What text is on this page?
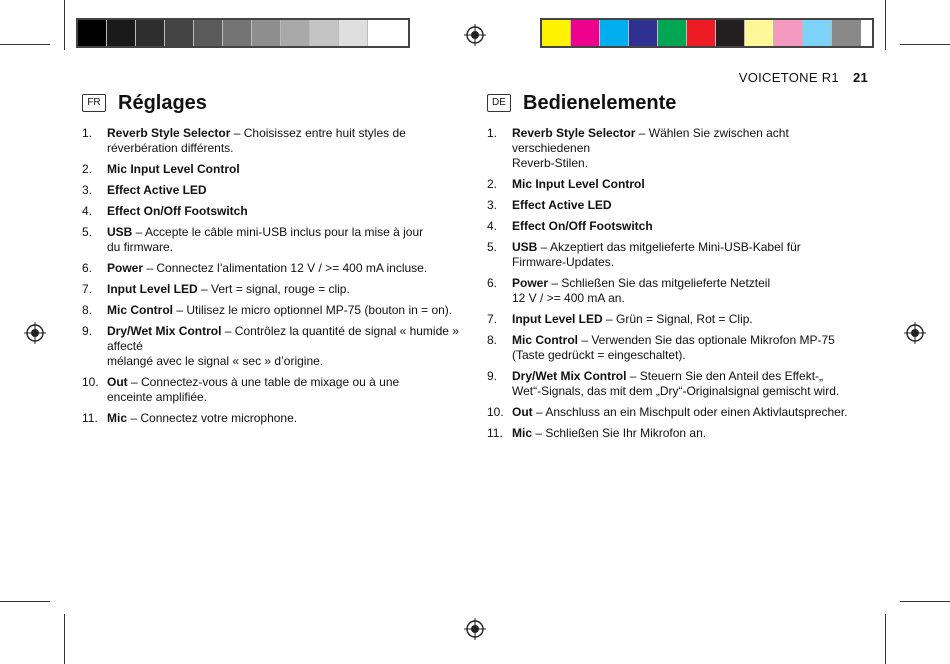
VOICETONE R1 21
FR Réglages
1.	Reverb Style Selector – Choisissez entre huit styles de
réverbération différents.
2.	Mic Input Level Control
3.	Effect Active LED
4.	Effect On/Off Footswitch
5.	USB – Accepte le câble mini-USB inclus pour la mise à jour
du firmware.
6.	Power – Connectez l’alimentation 12 V / >= 400 mA incluse.
7.	Input Level LED – Vert = signal, rouge = clip.
8.	Mic Control – Utilisez le micro optionnel MP-75 (bouton in = on).
9.	Dry/Wet Mix Control – Contrôlez la quantité de signal « humide » affecté
mélangé avec le signal « sec » d’origine.
10. Out – Connectez-vous à une table de mixage ou à une
enceinte amplifiée.
11. Mic – Connectez votre microphone.
DE Bedienelemente
1.	Reverb Style Selector – Wählen Sie zwischen acht verschiedenen
Reverb-Stilen.
2.	Mic Input Level Control
3.	Effect Active LED
4.	Effect On/Off Footswitch
5.	USB – Akzeptiert das mitgelieferte Mini-USB-Kabel für
Firmware-Updates.
6.	Power – Schließen Sie das mitgelieferte Netzteil
12 V / >= 400 mA an.
7.	Input Level LED – Grün = Signal, Rot = Clip.
8.	Mic Control – Verwenden Sie das optionale Mikrofon MP-75
(Taste gedrückt = eingeschaltet).
9.	Dry/Wet Mix Control – Steuern Sie den Anteil des Effekt-„
Wet“-Signals, das mit dem „Dry“-Originalsignal gemischt wird.
10. Out – Anschluss an ein Mischpult oder einen Aktivlautsprecher.
11. Mic – Schließen Sie Ihr Mikrofon an.
